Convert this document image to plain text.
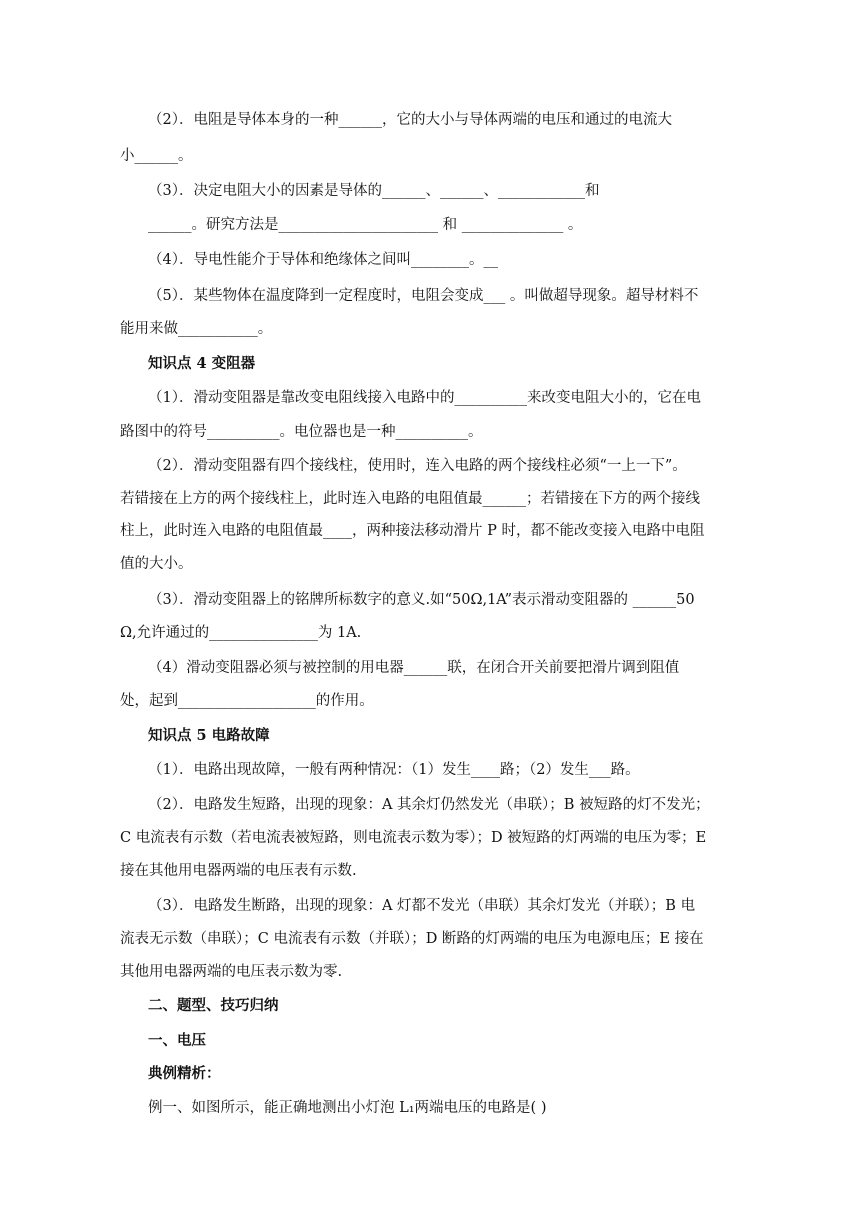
（2）．电阻是导体本身的一种______，它的大小与导体两端的电压和通过的电流大
小______。
（3）．决定电阻大小的因素是导体的______、______、____________和
______。研究方法是______________________ 和 ______________ 。
（4）．导电性能介于导体和绝缘体之间叫________。__
（5）．某些物体在温度降到一定程度时，电阻会变成___ 。叫做超导现象。超导材料不
能用来做___________。
知识点 4 变阻器
（1）．滑动变阻器是靠改变电阻线接入电路中的__________来改变电阻大小的，它在电
路图中的符号__________。电位器也是一种__________。
（2）．滑动变阻器有四个接线柱，使用时，连入电路的两个接线柱必须“一上一下”。
若错接在上方的两个接线柱上，此时连入电路的电阻值最______；若错接在下方的两个接线
柱上，此时连入电路的电阻值最____，两种接法移动滑片 P 时，都不能改变接入电路中电阻
值的大小。
（3）．滑动变阻器上的铭牌所标数字的意义.如“50Ω,1A”表示滑动变阻器的 ______50
Ω,允许通过的_______________为 1A.
（4）滑动变阻器必须与被控制的用电器______联，在闭合开关前要把滑片调到阻值
处，起到___________________的作用。
知识点 5 电路故障
（1）．电路出现故障，一般有两种情况：（1）发生____路；（2）发生___路。
（2）．电路发生短路，出现的现象：A 其余灯仍然发光（串联）；B 被短路的灯不发光；
C 电流表有示数（若电流表被短路，则电流表示数为零）；D 被短路的灯两端的电压为零；E
接在其他用电器两端的电压表有示数.
（3）．电路发生断路，出现的现象：A 灯都不发光（串联）其余灯发光（并联）；B 电
流表无示数（串联）；C 电流表有示数（并联）；D 断路的灯两端的电压为电源电压；E 接在
其他用电器两端的电压表示数为零.
二、题型、技巧归纳
一、电压
典例精析：
例一、如图所示，能正确地测出小灯泡 L₁两端电压的电路是( )
